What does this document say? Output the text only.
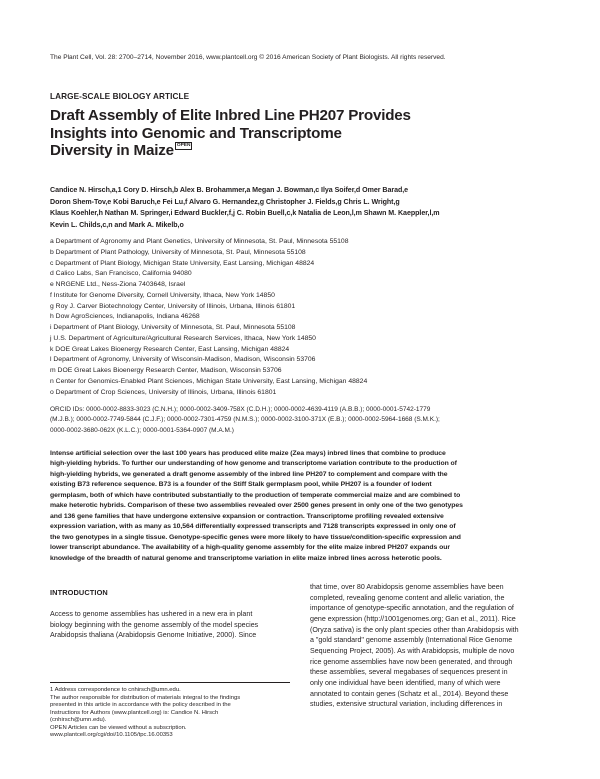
The Plant Cell, Vol. 28: 2700–2714, November 2016, www.plantcell.org © 2016 American Society of Plant Biologists. All rights reserved.
LARGE-SCALE BIOLOGY ARTICLE
Draft Assembly of Elite Inbred Line PH207 Provides
Insights into Genomic and Transcriptome
Diversity in Maize OPEN
Candice N. Hirsch,a,1 Cory D. Hirsch,b Alex B. Brohammer,a Megan J. Bowman,c Ilya Soifer,d Omer Barad,e
Doron Shem-Tov,e Kobi Baruch,e Fei Lu,f Alvaro G. Hernandez,g Christopher J. Fields,g Chris L. Wright,g
Klaus Koehler,h Nathan M. Springer,i Edward Buckler,f,j C. Robin Buell,c,k Natalia de Leon,l,m Shawn M. Kaeppler,l,m
Kevin L. Childs,c,n and Mark A. Mikelb,o
a Department of Agronomy and Plant Genetics, University of Minnesota, St. Paul, Minnesota 55108
b Department of Plant Pathology, University of Minnesota, St. Paul, Minnesota 55108
c Department of Plant Biology, Michigan State University, East Lansing, Michigan 48824
d Calico Labs, San Francisco, California 94080
e NRGENE Ltd., Ness-Ziona 7403648, Israel
f Institute for Genome Diversity, Cornell University, Ithaca, New York 14850
g Roy J. Carver Biotechnology Center, University of Illinois, Urbana, Illinois 61801
h Dow AgroSciences, Indianapolis, Indiana 46268
i Department of Plant Biology, University of Minnesota, St. Paul, Minnesota 55108
j U.S. Department of Agriculture/Agricultural Research Services, Ithaca, New York 14850
k DOE Great Lakes Bioenergy Research Center, East Lansing, Michigan 48824
l Department of Agronomy, University of Wisconsin-Madison, Madison, Wisconsin 53706
m DOE Great Lakes Bioenergy Research Center, Madison, Wisconsin 53706
n Center for Genomics-Enabled Plant Sciences, Michigan State University, East Lansing, Michigan 48824
o Department of Crop Sciences, University of Illinois, Urbana, Illinois 61801
ORCID IDs: 0000-0002-8833-3023 (C.N.H.); 0000-0002-3409-758X (C.D.H.); 0000-0002-4639-4119 (A.B.B.); 0000-0001-5742-1779
(M.J.B.); 0000-0002-7749-5844 (C.J.F.); 0000-0002-7301-4759 (N.M.S.); 0000-0002-3100-371X (E.B.); 0000-0002-5964-1668 (S.M.K.);
0000-0002-3680-062X (K.L.C.); 0000-0001-5364-0907 (M.A.M.)
Intense artificial selection over the last 100 years has produced elite maize (Zea mays) inbred lines that combine to produce
high-yielding hybrids. To further our understanding of how genome and transcriptome variation contribute to the production of
high-yielding hybrids, we generated a draft genome assembly of the inbred line PH207 to complement and compare with the
existing B73 reference sequence. B73 is a founder of the Stiff Stalk germplasm pool, while PH207 is a founder of Iodent
germplasm, both of which have contributed substantially to the production of temperate commercial maize and are combined to
make heterotic hybrids. Comparison of these two assemblies revealed over 2500 genes present in only one of the two genotypes
and 136 gene families that have undergone extensive expansion or contraction. Transcriptome profiling revealed extensive
expression variation, with as many as 10,564 differentially expressed transcripts and 7128 transcripts expressed in only one of
the two genotypes in a single tissue. Genotype-specific genes were more likely to have tissue/condition-specific expression and
lower transcript abundance. The availability of a high-quality genome assembly for the elite maize inbred PH207 expands our
knowledge of the breadth of natural genome and transcriptome variation in elite maize inbred lines across heterotic pools.
INTRODUCTION
Access to genome assemblies has ushered in a new era in plant
biology beginning with the genome assembly of the model species
Arabidopsis thaliana (Arabidopsis Genome Initiative, 2000). Since
1 Address correspondence to cnhirsch@umn.edu.
The author responsible for distribution of materials integral to the findings
presented in this article in accordance with the policy described in the
Instructions for Authors (www.plantcell.org) is: Candice N. Hirsch
(cnhirsch@umn.edu).
OPEN Articles can be viewed without a subscription.
www.plantcell.org/cgi/doi/10.1105/tpc.16.00353
that time, over 80 Arabidopsis genome assemblies have been
completed, revealing genome content and allelic variation, the
importance of genotype-specific annotation, and the regulation of
gene expression (http://1001genomes.org; Gan et al., 2011). Rice
(Oryza sativa) is the only plant species other than Arabidopsis with
a "gold standard" genome assembly (International Rice Genome
Sequencing Project, 2005). As with Arabidopsis, multiple de novo
rice genome assemblies have now been generated, and through
these assemblies, several megabases of sequences present in
only one individual have been identified, many of which were
annotated to contain genes (Schatz et al., 2014). Beyond these
studies, extensive structural variation, including differences in
